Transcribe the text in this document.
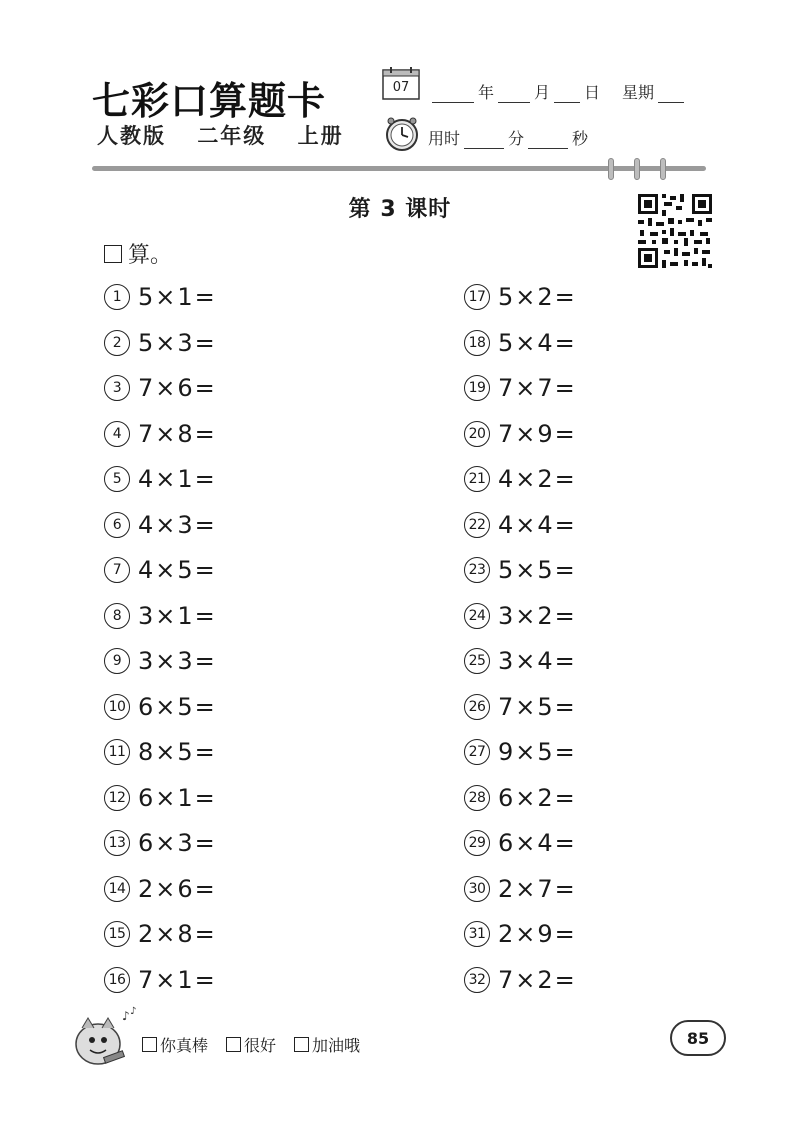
七彩口算题卡
人教版 二年级 上册
07	年	月 日 星期
用时	分	秒
第 3 课时
算。
1 5×1=
2 5×3=
3 7×6=
4 7×8=
5 4×1=
6 4×3=
7 4×5=
8 3×1=
9 3×3=
10 6×5=
11 8×5=
12 6×1=
13 6×3=
14 2×6=
15 2×8=
16 7×1=
17 5×2=
18 5×4=
19 7×7=
20 7×9=
21 4×2=
22 4×4=
23 5×5=
24 3×2=
25 3×4=
26 7×5=
27 9×5=
28 6×2=
29 6×4=
30 2×7=
31 2×9=
32 7×2=
♪ ♪
你真棒 很好 加油哦	85
